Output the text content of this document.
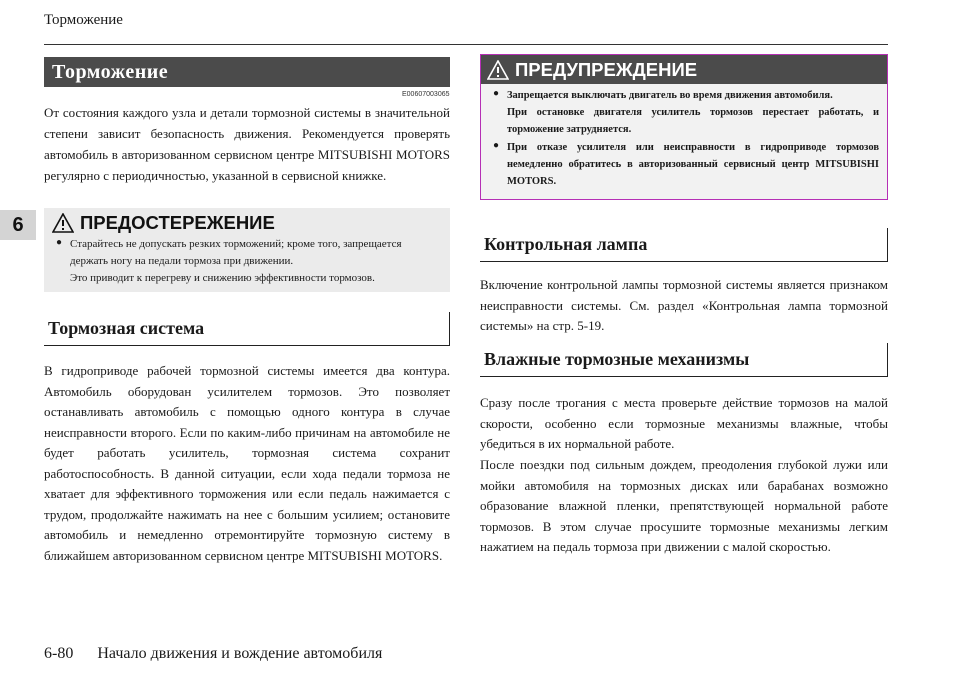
Торможение
6
Торможение
E00607003065
От состояния каждого узла и детали тормозной системы в значительной степени зависит безопасность движения. Рекомендуется проверять автомобиль в авторизованном сервисном центре MITSUBISHI MOTORS регулярно с периодичностью, указанной в сервисной книжке.
ПРЕДОСТЕРЕЖЕНИЕ
● Старайтесь не допускать резких торможений; кроме того, запрещается держать ногу на педали тормоза при движении.
Это приводит к перегреву и снижению эффективности тормозов.
Тормозная система
В гидроприводе рабочей тормозной системы имеется два контура. Автомобиль оборудован усилителем тормозов. Это позволяет останавливать автомобиль с помощью одного контура в случае неисправности второго. Если по каким-либо причинам на автомобиле не будет работать усилитель, тормозная система сохранит работоспособность. В данной ситуации, если хода педали тормоза не хватает для эффективного торможения или если педаль нажимается с трудом, продолжайте нажимать на нее с большим усилием; остановите автомобиль и немедленно отремонтируйте тормозную систему в ближайшем авторизованном сервисном центре MITSUBISHI MOTORS.
ПРЕДУПРЕЖДЕНИЕ
● Запрещается выключать двигатель во время движения автомобиля.
При остановке двигателя усилитель тормозов перестает работать, и торможение затрудняется.
● При отказе усилителя или неисправности в гидроприводе тормозов немедленно обратитесь в авторизованный сервисный центр MITSUBISHI MOTORS.
Контрольная лампа
Включение контрольной лампы тормозной системы является признаком неисправности системы. См. раздел «Контрольная лампа тормозной системы» на стр. 5-19.
Влажные тормозные механизмы
Сразу после трогания с места проверьте действие тормозов на малой скорости, особенно если тормозные механизмы влажные, чтобы убедиться в их нормальной работе.
После поездки под сильным дождем, преодоления глубокой лужи или мойки автомобиля на тормозных дисках или барабанах возможно образование влажной пленки, препятствующей нормальной работе тормозов. В этом случае просушите тормозные механизмы легким нажатием на педаль тормоза при движении с малой скоростью.
6-80 Начало движения и вождение автомобиля
